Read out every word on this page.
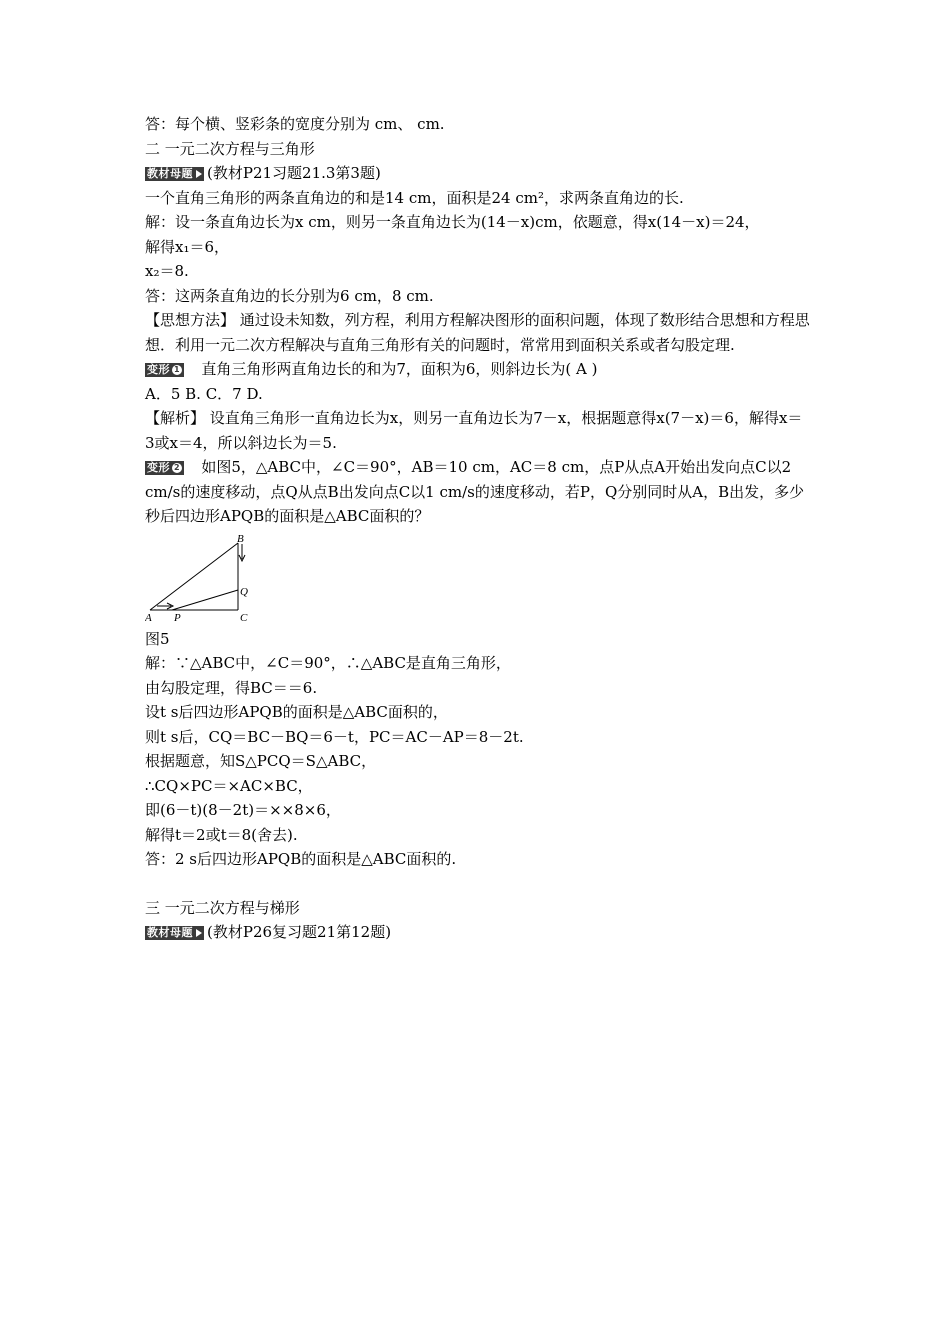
答：每个横、竖彩条的宽度分别为 cm、 cm.

二 一元二次方程与三角形

教材母题 (教材P21习题21.3第3题)

一个直角三角形的两条直角边的和是14 cm，面积是24 cm²，求两条直角边的长.

解：设一条直角边长为x cm，则另一条直角边长为(14－x)cm，依题意，得x(14－x)＝24，

解得x₁＝6，

x₂＝8.

答：这两条直角边的长分别为6 cm，8 cm.

【思想方法】 通过设未知数，列方程，利用方程解决图形的面积问题，体现了数形结合思想和方程思想．利用一元二次方程解决与直角三角形有关的问题时，常常用到面积关系或者勾股定理.

变形 1 直角三角形两直角边长的和为7，面积为6，则斜边长为( A )

A．5 B. C．7 D.

【解析】 设直角三角形一直角边长为x，则另一直角边长为7－x，根据题意得x(7－x)＝6，解得x＝3或x＝4，所以斜边长为＝5.

变形 2 如图5，△ABC中，∠C＝90°，AB＝10 cm，AC＝8 cm，点P从点A开始出发向点C以2 cm/s的速度移动，点Q从点B出发向点C以1 cm/s的速度移动，若P，Q分别同时从A，B出发，多少秒后四边形APQB的面积是△ABC面积的？

B
Q
C
A P

图5

解：∵△ABC中，∠C＝90°，∴△ABC是直角三角形，

由勾股定理，得BC＝＝6.

设t s后四边形APQB的面积是△ABC面积的，

则t s后，CQ＝BC－BQ＝6－t，PC＝AC－AP＝8－2t.

根据题意，知S△PCQ＝S△ABC，

∴CQ×PC＝×AC×BC，

即(6－t)(8－2t)＝××8×6，

解得t＝2或t＝8(舍去).

答：2 s后四边形APQB的面积是△ABC面积的.

三 一元二次方程与梯形

教材母题 (教材P26复习题21第12题)
